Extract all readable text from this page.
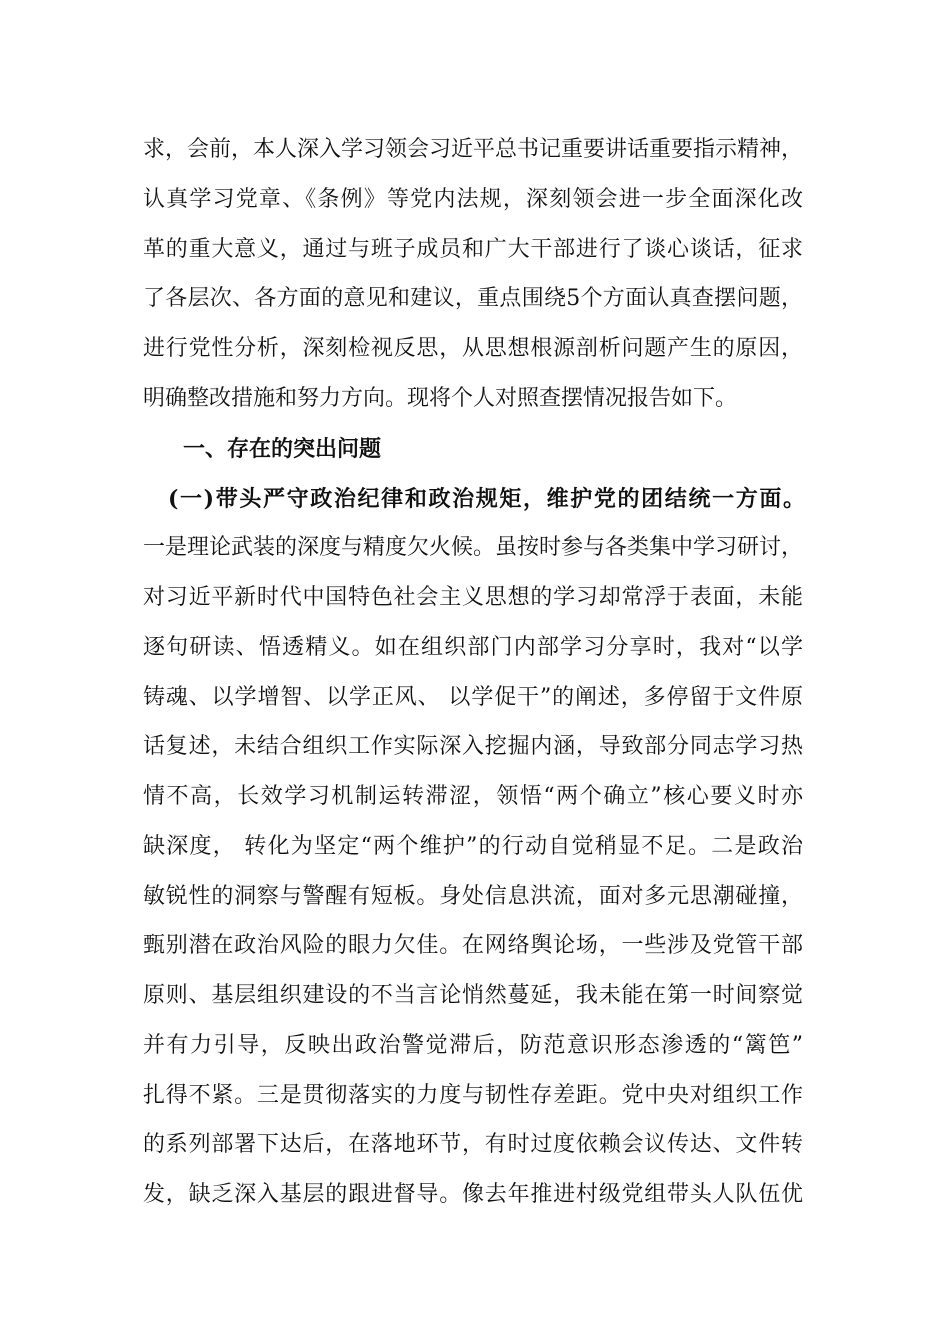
求，会前，本人深入学习领会习近平总书记重要讲话重要指示精神，
认真学习党章、《条例》等党内法规，深刻领会进一步全面深化改
革的重大意义，通过与班子成员和广大干部进行了谈心谈话，征求
了各层次、各方面的意见和建议，重点围绕5个方面认真查摆问题，
进行党性分析，深刻检视反思，从思想根源剖析问题产生的原因，
明确整改措施和努力方向。现将个人对照查摆情况报告如下。
一、存在的突出问题
(一)带头严守政治纪律和政治规矩，维护党的团结统一方面。
一是理论武装的深度与精度欠火候。虽按时参与各类集中学习研讨，
对习近平新时代中国特色社会主义思想的学习却常浮于表面，未能
逐句研读、悟透精义。如在组织部门内部学习分享时，我对“以学
铸魂、以学增智、以学正风、 以学促干”的阐述，多停留于文件原
话复述，未结合组织工作实际深入挖掘内涵，导致部分同志学习热
情不高，长效学习机制运转滞涩，领悟“两个确立”核心要义时亦
缺深度， 转化为坚定“两个维护”的行动自觉稍显不足。二是政治
敏锐性的洞察与警醒有短板。身处信息洪流，面对多元思潮碰撞，
甄别潜在政治风险的眼力欠佳。在网络舆论场，一些涉及党管干部
原则、基层组织建设的不当言论悄然蔓延，我未能在第一时间察觉
并有力引导，反映出政治警觉滞后，防范意识形态渗透的“篱笆”
扎得不紧。三是贯彻落实的力度与韧性存差距。党中央对组织工作
的系列部署下达后，在落地环节，有时过度依赖会议传达、文件转
发，缺乏深入基层的跟进督导。像去年推进村级党组带头人队伍优
